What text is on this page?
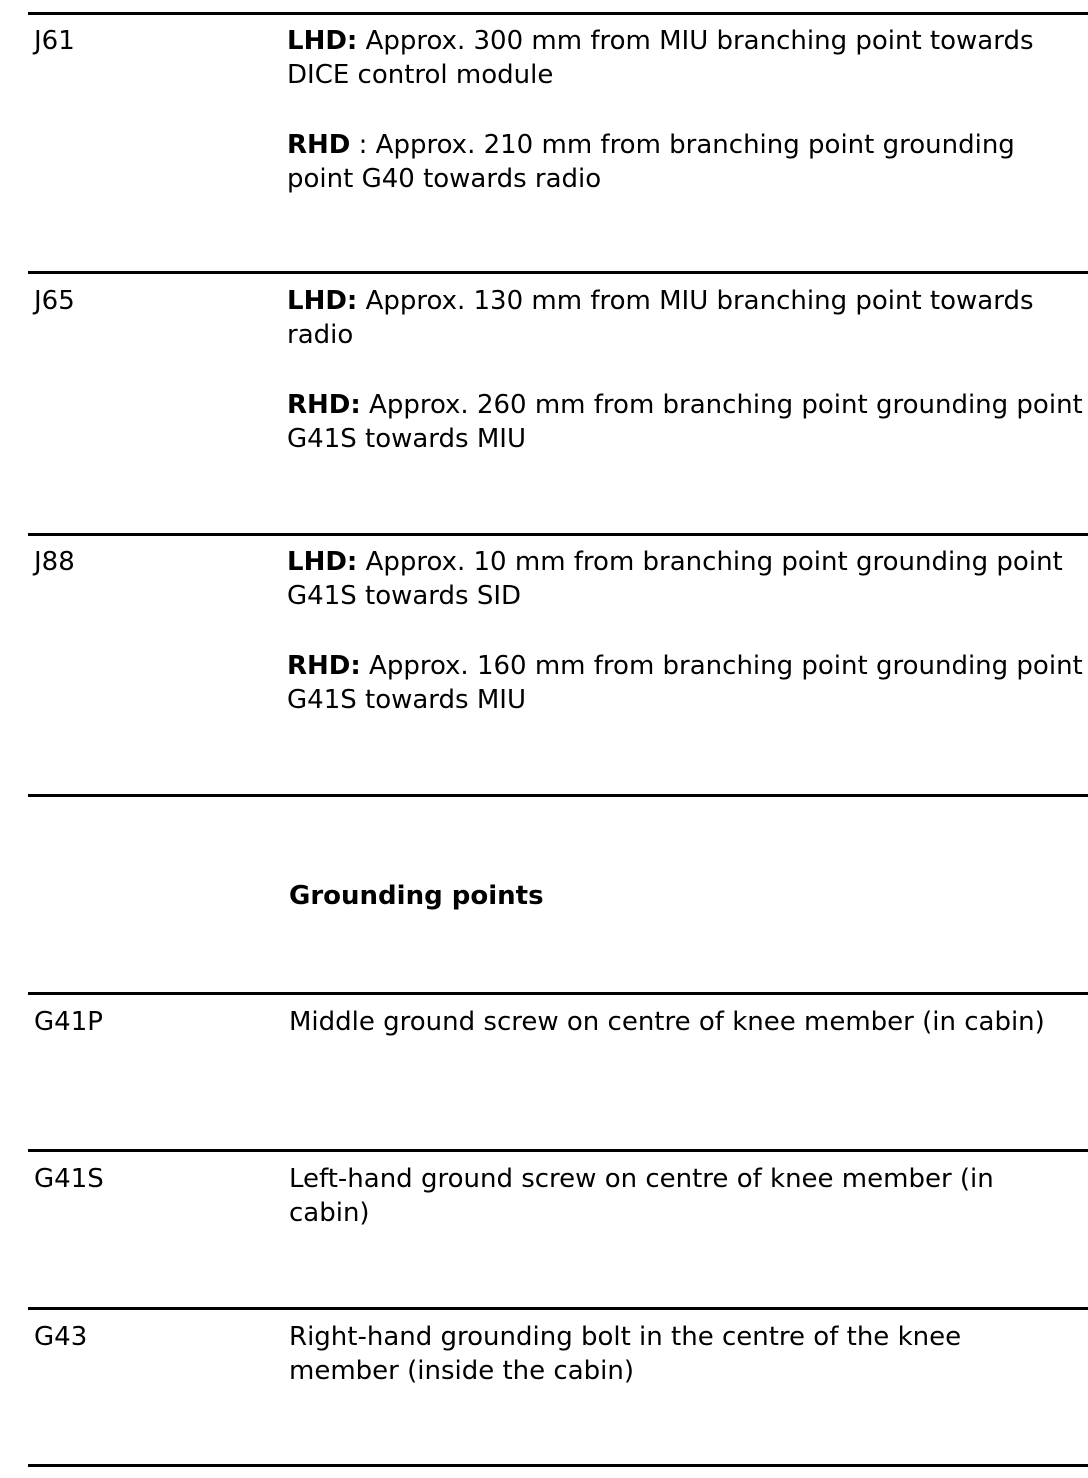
J61	LHD: Approx. 300 mm from MIU branching point towards DICE control module

RHD : Approx. 210 mm from branching point grounding point G40 towards radio

J65	LHD: Approx. 130 mm from MIU branching point towards radio

RHD: Approx. 260 mm from branching point grounding point G41S towards MIU

J88	LHD: Approx. 10 mm from branching point grounding point G41S towards SID

RHD: Approx. 160 mm from branching point grounding point G41S towards MIU

Grounding points
G41P	Middle ground screw on centre of knee member (in cabin)
G41S	Left-hand ground screw on centre of knee member (in cabin)
G43	Right-hand grounding bolt in the centre of the knee member (inside the cabin)
